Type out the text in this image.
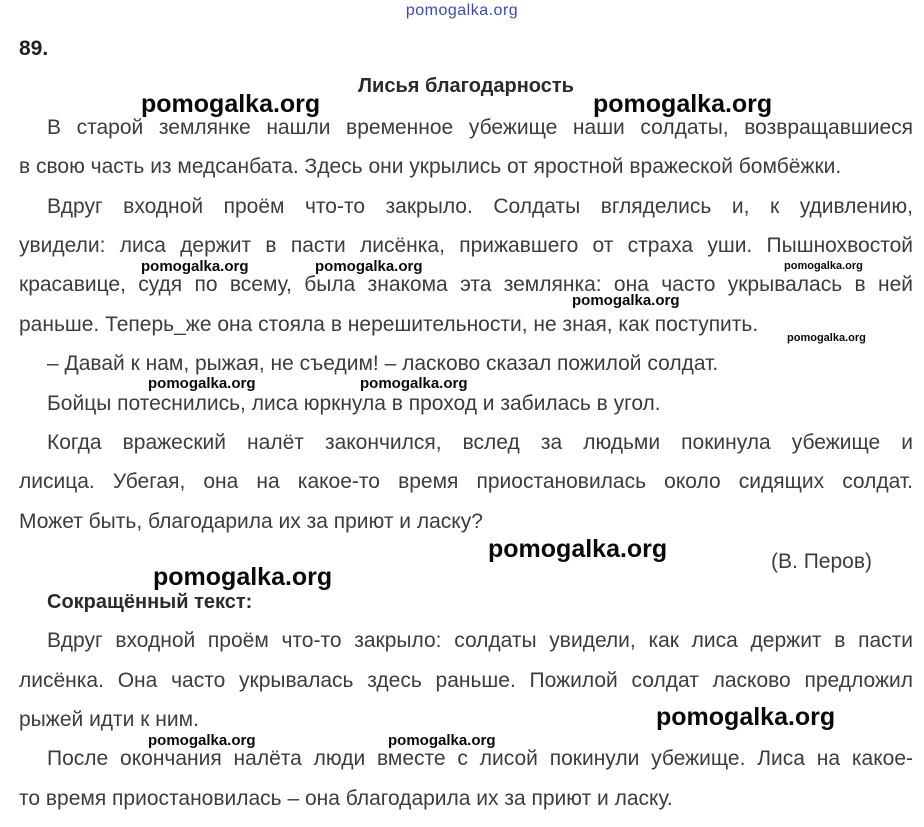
pomogalka.org
89.
Лисья благодарность
В старой землянке нашли временное убежище наши солдаты, возвращавшиеся
в свою часть из медсанбата. Здесь они укрылись от яростной вражеской бомбёжки.
Вдруг входной проём что-то закрыло. Солдаты вгляделись и, к удивлению,
увидели: лиса держит в пасти лисёнка, прижавшего от страха уши. Пышнохвостой
красавице, судя по всему, была знакома эта землянка: она часто укрывалась в ней
раньше. Теперь_же она стояла в нерешительности, не зная, как поступить.
– Давай к нам, рыжая, не съедим! – ласково сказал пожилой солдат.
Бойцы потеснились, лиса юркнула в проход и забилась в угол.
Когда вражеский налёт закончился, вслед за людьми покинула убежище и
лисица. Убегая, она на какое-то время приостановилась около сидящих солдат.
Может быть, благодарила их за приют и ласку?
(В. Перов)
Сокращённый текст:
Вдруг входной проём что-то закрыло: солдаты увидели, как лиса держит в пасти
лисёнка. Она часто укрывалась здесь раньше. Пожилой солдат ласково предложил
рыжей идти к ним.
После окончания налёта люди вместе с лисой покинули убежище. Лиса на какое-
то время приостановилась – она благодарила их за приют и ласку.
pomogalka.org	pomogalka.org
pomogalka.org	pomogalka.org	pomogalka.org
pomogalka.org
pomogalka.org
pomogalka.org	pomogalka.org
pomogalka.org
pomogalka.org
pomogalka.org
pomogalka.org	pomogalka.org
